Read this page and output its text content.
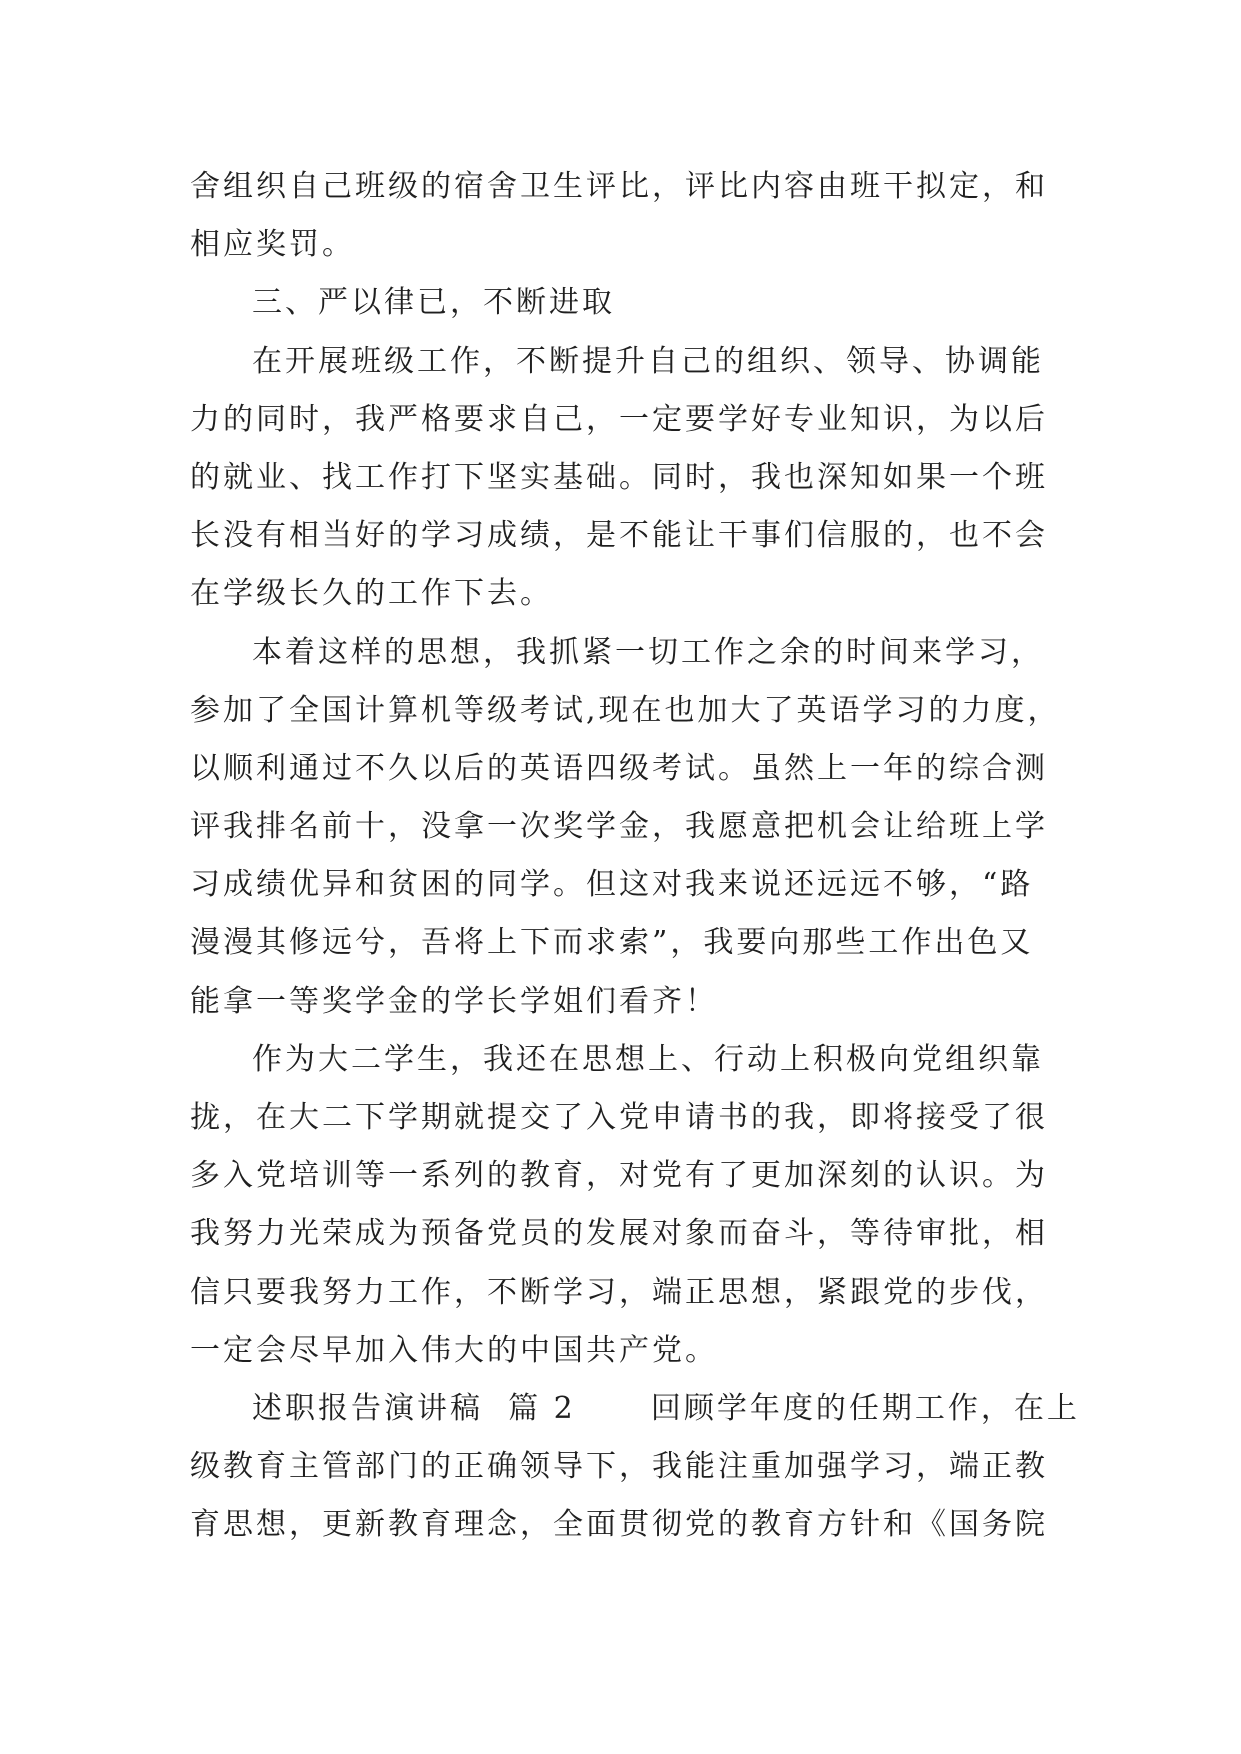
舍组织自己班级的宿舍卫生评比，评比内容由班干拟定，和
相应奖罚。
三、严以律已，不断进取
在开展班级工作，不断提升自己的组织、领导、协调能
力的同时，我严格要求自己，一定要学好专业知识，为以后
的就业、找工作打下坚实基础。同时，我也深知如果一个班
长没有相当好的学习成绩，是不能让干事们信服的，也不会
在学级长久的工作下去。
本着这样的思想，我抓紧一切工作之余的时间来学习，
参加了全国计算机等级考试,现在也加大了英语学习的力度，
以顺利通过不久以后的英语四级考试。虽然上一年的综合测
评我排名前十，没拿一次奖学金，我愿意把机会让给班上学
习成绩优异和贫困的同学。但这对我来说还远远不够，“路
漫漫其修远兮，吾将上下而求索”，我要向那些工作出色又
能拿一等奖学金的学长学姐们看齐！
作为大二学生，我还在思想上、行动上积极向党组织靠
拢，在大二下学期就提交了入党申请书的我，即将接受了很
多入党培训等一系列的教育，对党有了更加深刻的认识。为
我努力光荣成为预备党员的发展对象而奋斗，等待审批，相
信只要我努力工作，不断学习，端正思想，紧跟党的步伐，
一定会尽早加入伟大的中国共产党。
述职报告演讲稿  篇 2      回顾学年度的任期工作，在上
级教育主管部门的正确领导下，我能注重加强学习，端正教
育思想，更新教育理念，全面贯彻党的教育方针和《国务院
